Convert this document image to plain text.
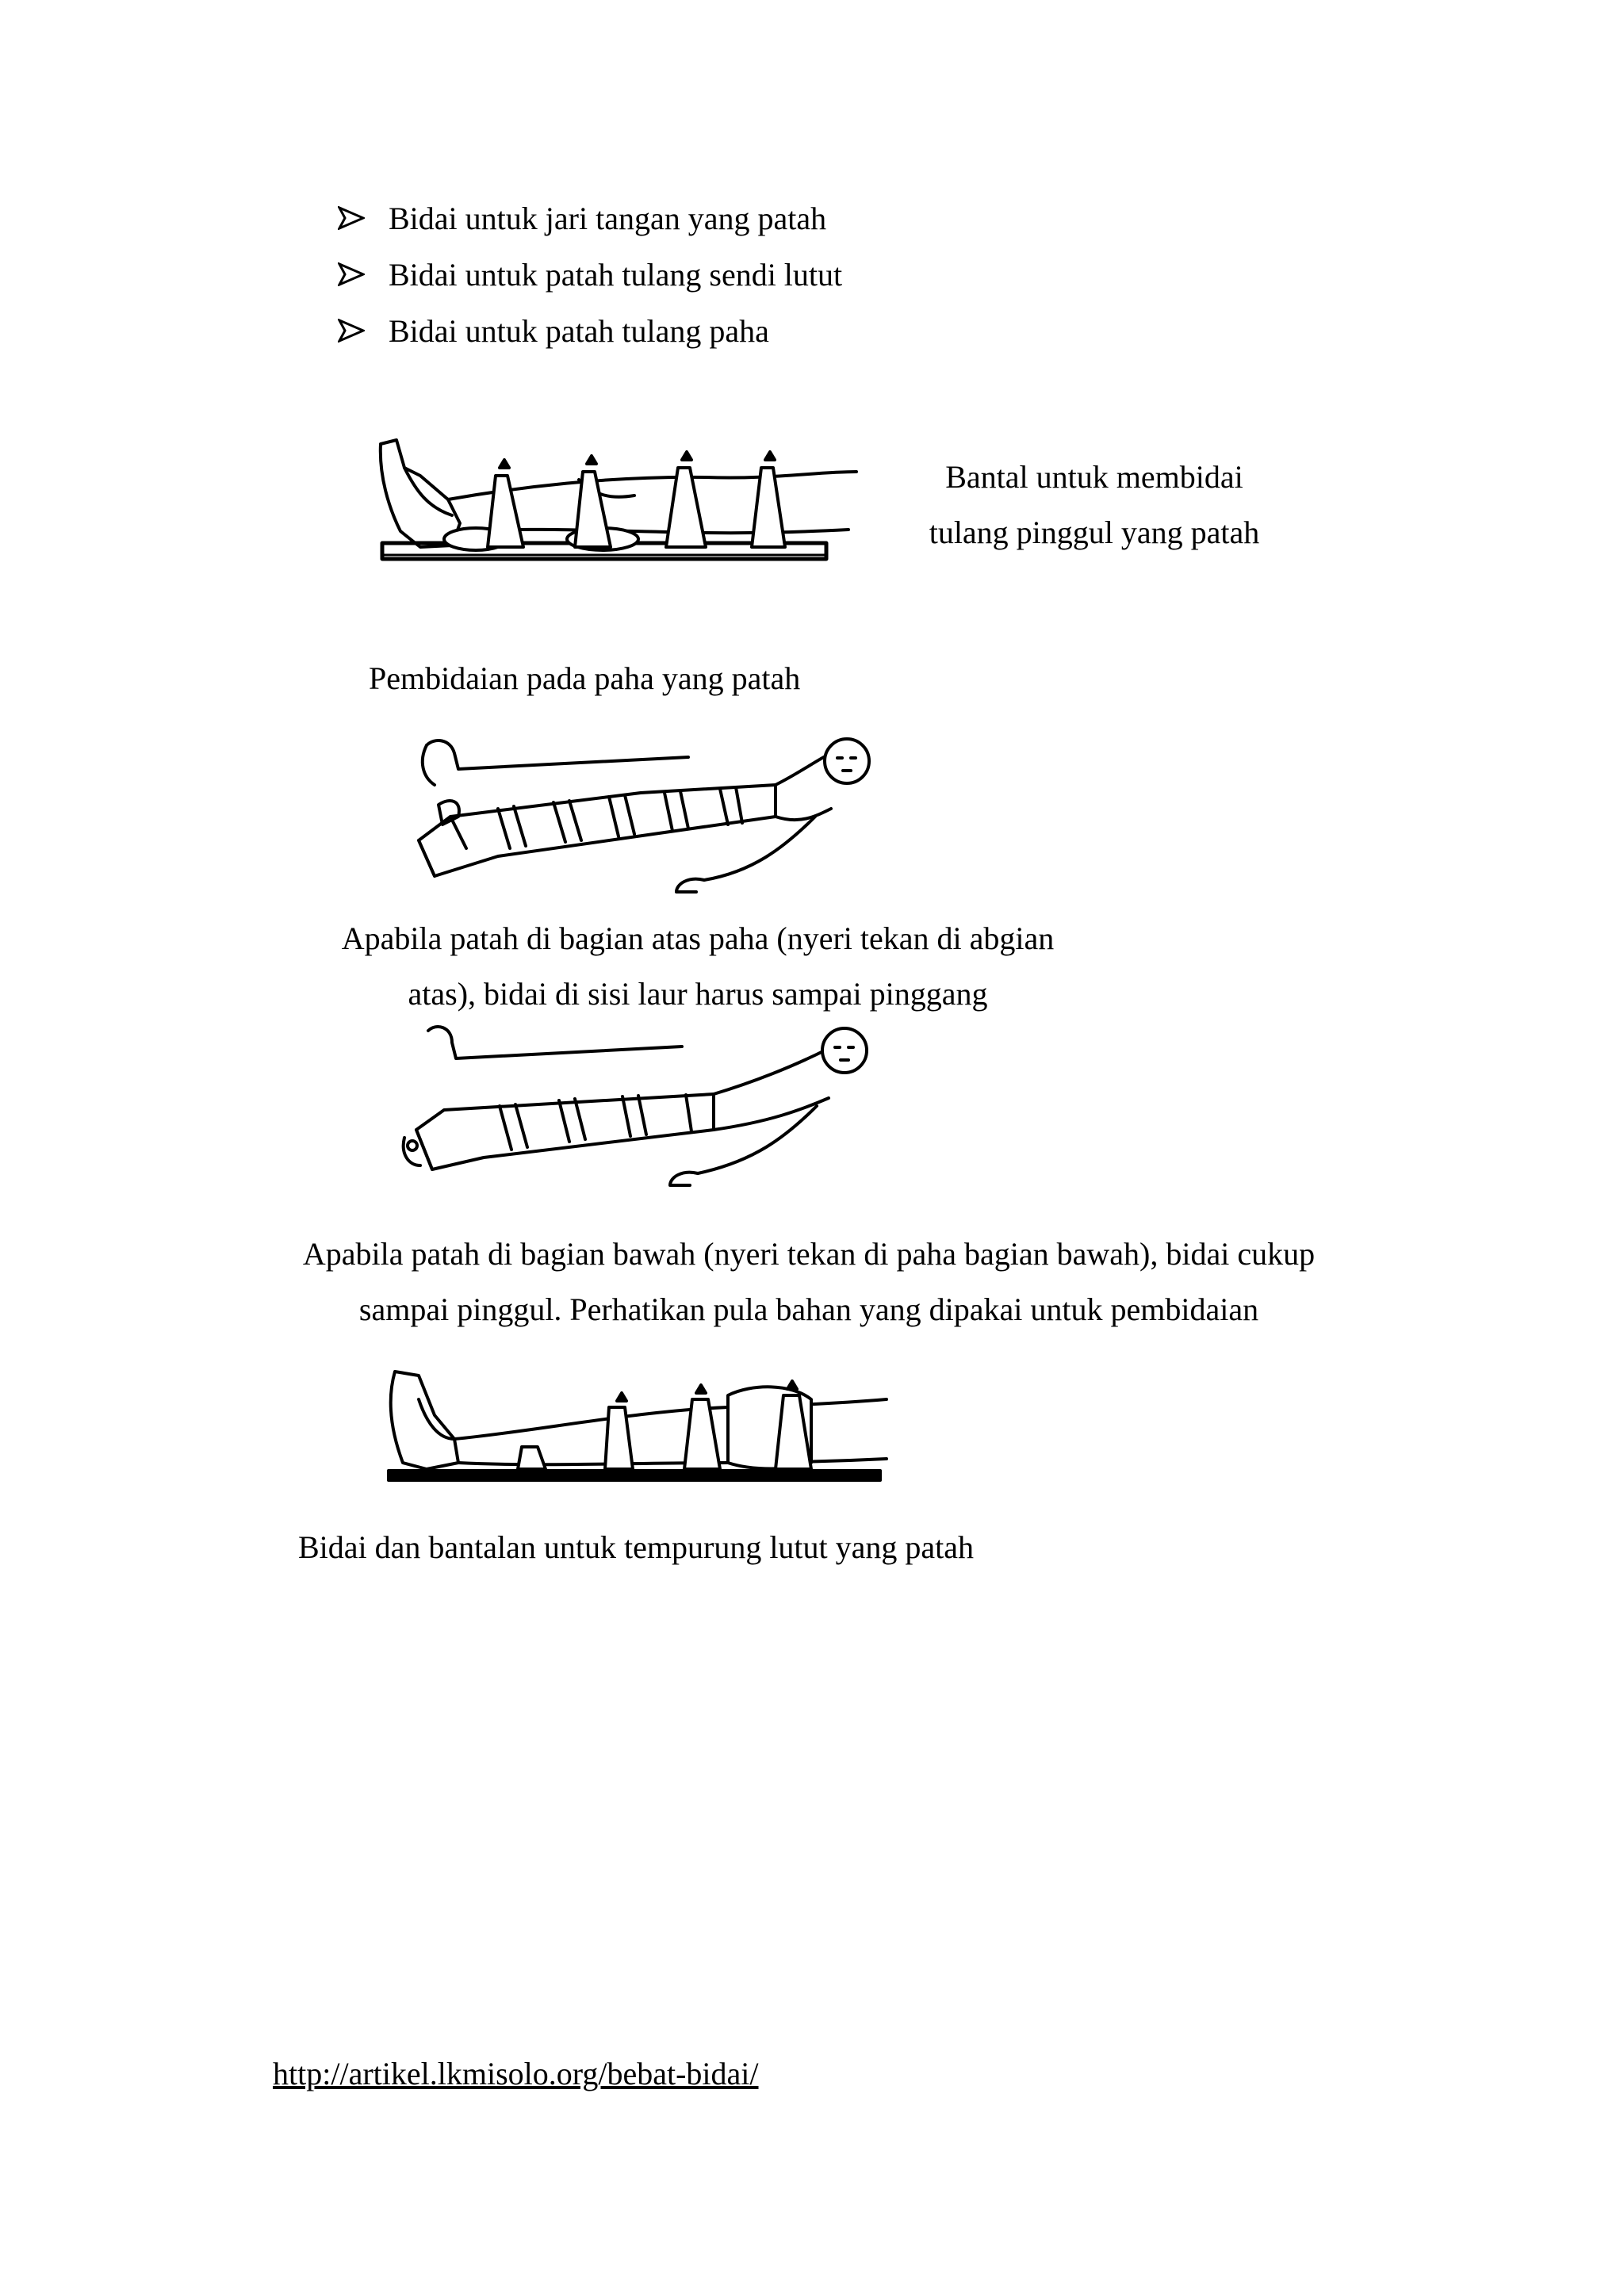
Bidai untuk jari tangan yang patah
Bidai untuk patah tulang sendi lutut
Bidai untuk patah tulang paha
Bantal untuk membidai
tulang pinggul yang patah
Pembidaian pada paha yang patah
Apabila patah di bagian atas paha (nyeri tekan di abgian
atas), bidai di sisi laur harus sampai pinggang
Apabila patah di bagian bawah (nyeri tekan di paha bagian bawah), bidai cukup
sampai pinggul. Perhatikan pula bahan yang dipakai untuk pembidaian
Bidai dan bantalan untuk tempurung lutut yang patah
http://artikel.lkmisolo.org/bebat-bidai/
